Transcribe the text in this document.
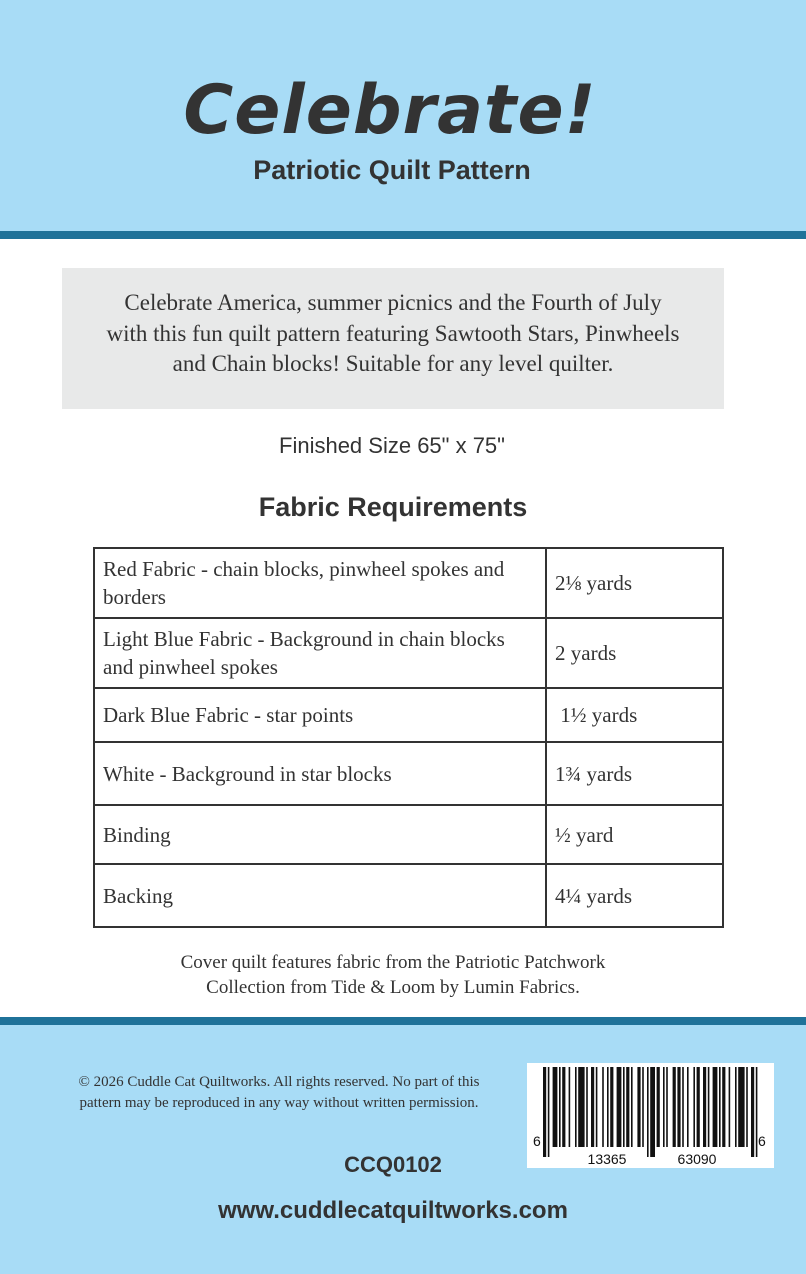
Celebrate!
Patriotic Quilt Pattern
Celebrate America, summer picnics and the Fourth of July
with this fun quilt pattern featuring Sawtooth Stars, Pinwheels
and Chain blocks! Suitable for any level quilter.
Finished Size 65" x 75"
Fabric Requirements
Red Fabric - chain blocks, pinwheel spokes and borders	2⅛ yards
Light Blue Fabric - Background in chain blocks and pinwheel spokes	2 yards
Dark Blue Fabric - star points	1½ yards
White - Background in star blocks	1¾ yards
Binding	½ yard
Backing	4¼ yards
Cover quilt features fabric from the Patriotic Patchwork
Collection from Tide & Loom by Lumin Fabrics.
© 2026 Cuddle Cat Quiltworks. All rights reserved. No part of this
pattern may be reproduced in any way without written permission.
6
13365	63090
6
CCQ0102
www.cuddlecatquiltworks.com
